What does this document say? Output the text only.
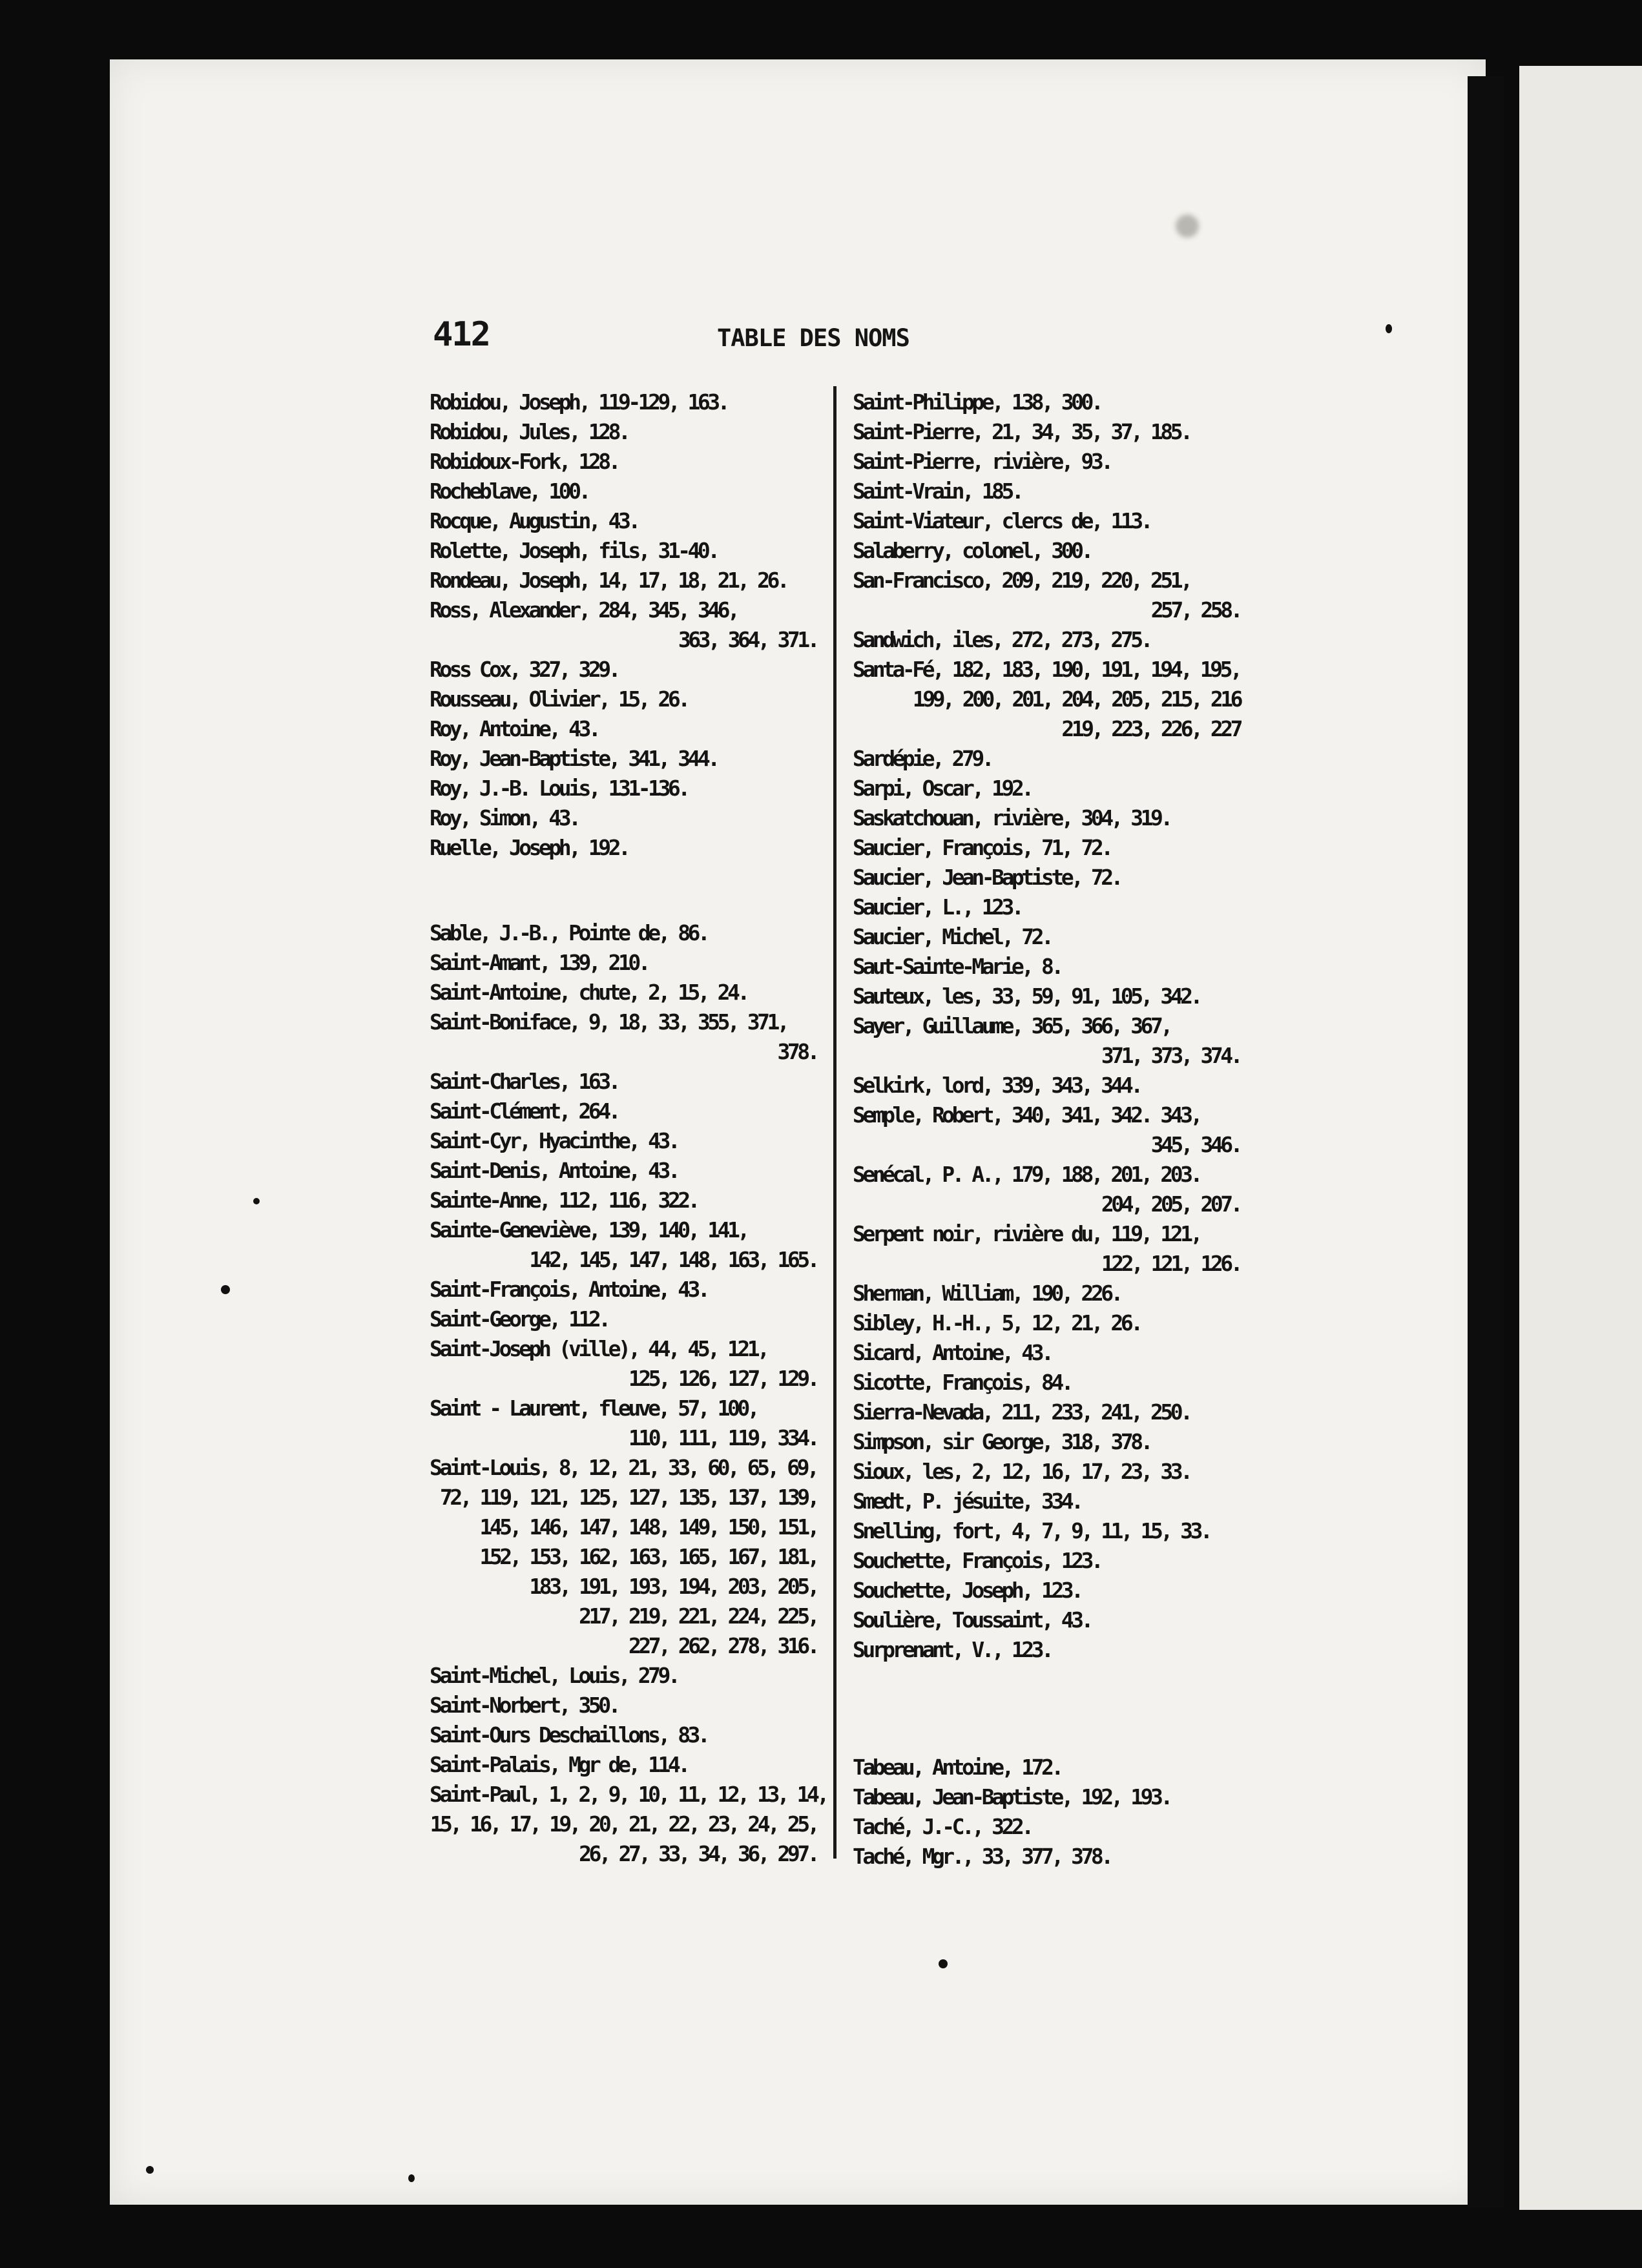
412	TABLE DES NOMS
Robidou, Joseph, 119-129, 163.
Robidou, Jules, 128.
Robidoux-Fork, 128.
Rocheblave, 100.
Rocque, Augustin, 43.
Rolette, Joseph, fils, 31-40.
Rondeau, Joseph, 14, 17, 18, 21, 26.
Ross, Alexander, 284, 345, 346,
363, 364, 371.
Ross Cox, 327, 329.
Rousseau, Olivier, 15, 26.
Roy, Antoine, 43.
Roy, Jean-Baptiste, 341, 344.
Roy, J.-B. Louis, 131-136.
Roy, Simon, 43.
Ruelle, Joseph, 192.
Sable, J.-B., Pointe de, 86.
Saint-Amant, 139, 210.
Saint-Antoine, chute, 2, 15, 24.
Saint-Boniface, 9, 18, 33, 355, 371,
378.
Saint-Charles, 163.
Saint-Clément, 264.
Saint-Cyr, Hyacinthe, 43.
Saint-Denis, Antoine, 43.
Sainte-Anne, 112, 116, 322.
Sainte-Geneviève, 139, 140, 141,
142, 145, 147, 148, 163, 165.
Saint-François, Antoine, 43.
Saint-George, 112.
Saint-Joseph (ville), 44, 45, 121,
125, 126, 127, 129.
Saint - Laurent, fleuve, 57, 100,
110, 111, 119, 334.
Saint-Louis, 8, 12, 21, 33, 60, 65, 69,
72, 119, 121, 125, 127, 135, 137, 139,
145, 146, 147, 148, 149, 150, 151,
152, 153, 162, 163, 165, 167, 181,
183, 191, 193, 194, 203, 205,
217, 219, 221, 224, 225,
227, 262, 278, 316.
Saint-Michel, Louis, 279.
Saint-Norbert, 350.
Saint-Ours Deschaillons, 83.
Saint-Palais, Mgr de, 114.
Saint-Paul, 1, 2, 9, 10, 11, 12, 13, 14,
15, 16, 17, 19, 20, 21, 22, 23, 24, 25,
26, 27, 33, 34, 36, 297.
Saint-Philippe, 138, 300.
Saint-Pierre, 21, 34, 35, 37, 185.
Saint-Pierre, rivière, 93.
Saint-Vrain, 185.
Saint-Viateur, clercs de, 113.
Salaberry, colonel, 300.
San-Francisco, 209, 219, 220, 251,
257, 258.
Sandwich, iles, 272, 273, 275.
Santa-Fé, 182, 183, 190, 191, 194, 195,
199, 200, 201, 204, 205, 215, 216
219, 223, 226, 227
Sardépie, 279.
Sarpi, Oscar, 192.
Saskatchouan, rivière, 304, 319.
Saucier, François, 71, 72.
Saucier, Jean-Baptiste, 72.
Saucier, L., 123.
Saucier, Michel, 72.
Saut-Sainte-Marie, 8.
Sauteux, les, 33, 59, 91, 105, 342.
Sayer, Guillaume, 365, 366, 367,
371, 373, 374.
Selkirk, lord, 339, 343, 344.
Semple, Robert, 340, 341, 342. 343,
345, 346.
Senécal, P. A., 179, 188, 201, 203.
204, 205, 207.
Serpent noir, rivière du, 119, 121,
122, 121, 126.
Sherman, William, 190, 226.
Sibley, H.-H., 5, 12, 21, 26.
Sicard, Antoine, 43.
Sicotte, François, 84.
Sierra-Nevada, 211, 233, 241, 250.
Simpson, sir George, 318, 378.
Sioux, les, 2, 12, 16, 17, 23, 33.
Smedt, P. jésuite, 334.
Snelling, fort, 4, 7, 9, 11, 15, 33.
Souchette, François, 123.
Souchette, Joseph, 123.
Soulière, Toussaint, 43.
Surprenant, V., 123.
Tabeau, Antoine, 172.
Tabeau, Jean-Baptiste, 192, 193.
Taché, J.-C., 322.
Taché, Mgr., 33, 377, 378.
